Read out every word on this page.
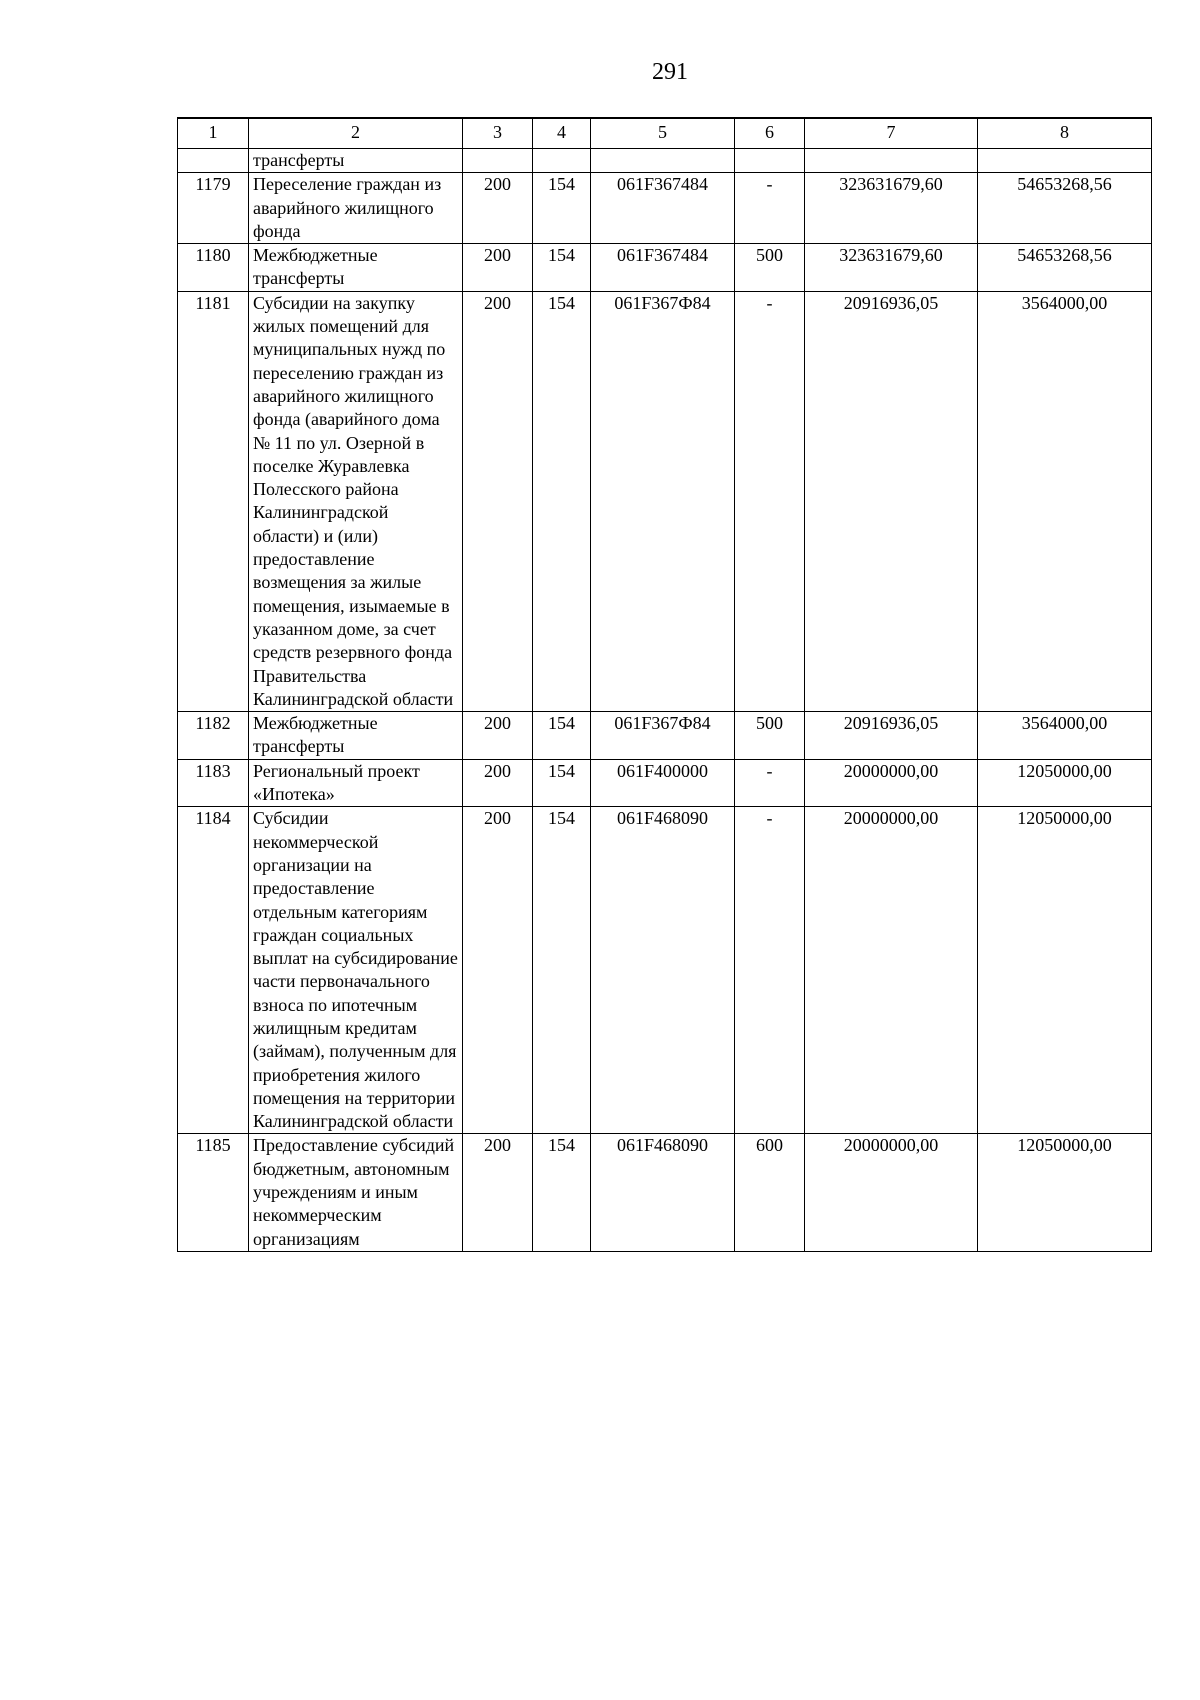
291
1	2	3	4	5	6	7	8
	трансферты						
1179	Переселение граждан из аварийного жилищного фонда	200	154	061F367484	-	323631679,60	54653268,56
1180	Межбюджетные трансферты	200	154	061F367484	500	323631679,60	54653268,56
1181	Субсидии на закупку жилых помещений для муниципальных нужд по переселению граждан из аварийного жилищного фонда (аварийного дома № 11 по ул. Озерной в поселке Журавлевка Полесского района Калининградской области) и (или) предоставление возмещения за жилые помещения, изымаемые в указанном доме, за счет средств резервного фонда Правительства Калининградской области	200	154	061F367Ф84	-	20916936,05	3564000,00
1182	Межбюджетные трансферты	200	154	061F367Ф84	500	20916936,05	3564000,00
1183	Региональный проект «Ипотека»	200	154	061F400000	-	20000000,00	12050000,00
1184	Субсидии некоммерческой организации на предоставление отдельным категориям граждан социальных выплат на субсидирование части первоначального взноса по ипотечным жилищным кредитам (займам), полученным для приобретения жилого помещения на территории Калининградской области	200	154	061F468090	-	20000000,00	12050000,00
1185	Предоставление субсидий бюджетным, автономным учреждениям и иным некоммерческим организациям	200	154	061F468090	600	20000000,00	12050000,00
